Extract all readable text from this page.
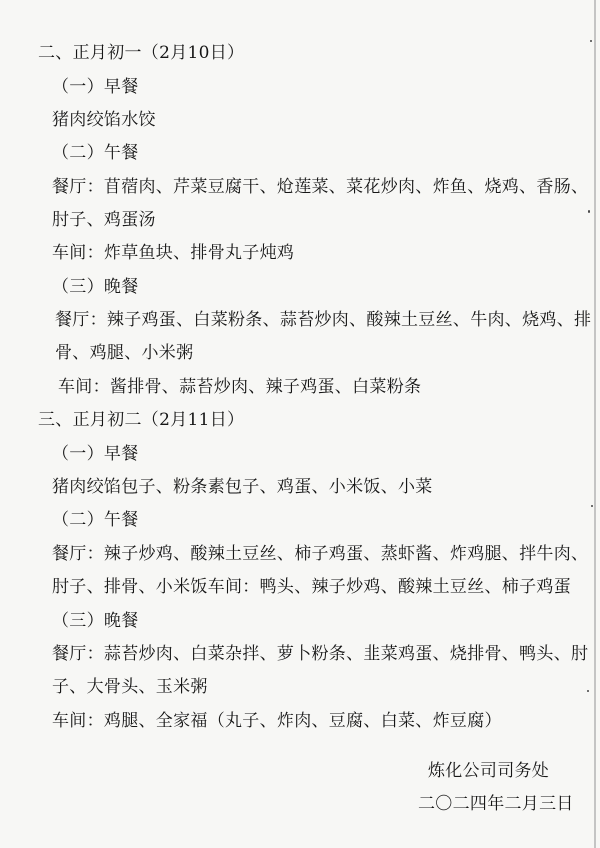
二、正月初一（2月10日）
（一）早餐
猪肉绞馅水饺
（二）午餐
餐厅：苜蓿肉、芹菜豆腐干、炝莲菜、菜花炒肉、炸鱼、烧鸡、香肠、
肘子、鸡蛋汤
车间：炸草鱼块、排骨丸子炖鸡
（三）晚餐
餐厅：辣子鸡蛋、白菜粉条、蒜苔炒肉、酸辣土豆丝、牛肉、烧鸡、排
骨、鸡腿、小米粥
车间：酱排骨、蒜苔炒肉、辣子鸡蛋、白菜粉条
三、正月初二（2月11日）
（一）早餐
猪肉绞馅包子、粉条素包子、鸡蛋、小米饭、小菜
（二）午餐
餐厅：辣子炒鸡、酸辣土豆丝、柿子鸡蛋、蒸虾酱、炸鸡腿、拌牛肉、
肘子、排骨、小米饭车间：鸭头、辣子炒鸡、酸辣土豆丝、柿子鸡蛋
（三）晚餐
餐厅：蒜苔炒肉、白菜杂拌、萝卜粉条、韭菜鸡蛋、烧排骨、鸭头、肘
子、大骨头、玉米粥
车间：鸡腿、全家福（丸子、炸肉、豆腐、白菜、炸豆腐）
炼化公司司务处
二〇二四年二月三日
